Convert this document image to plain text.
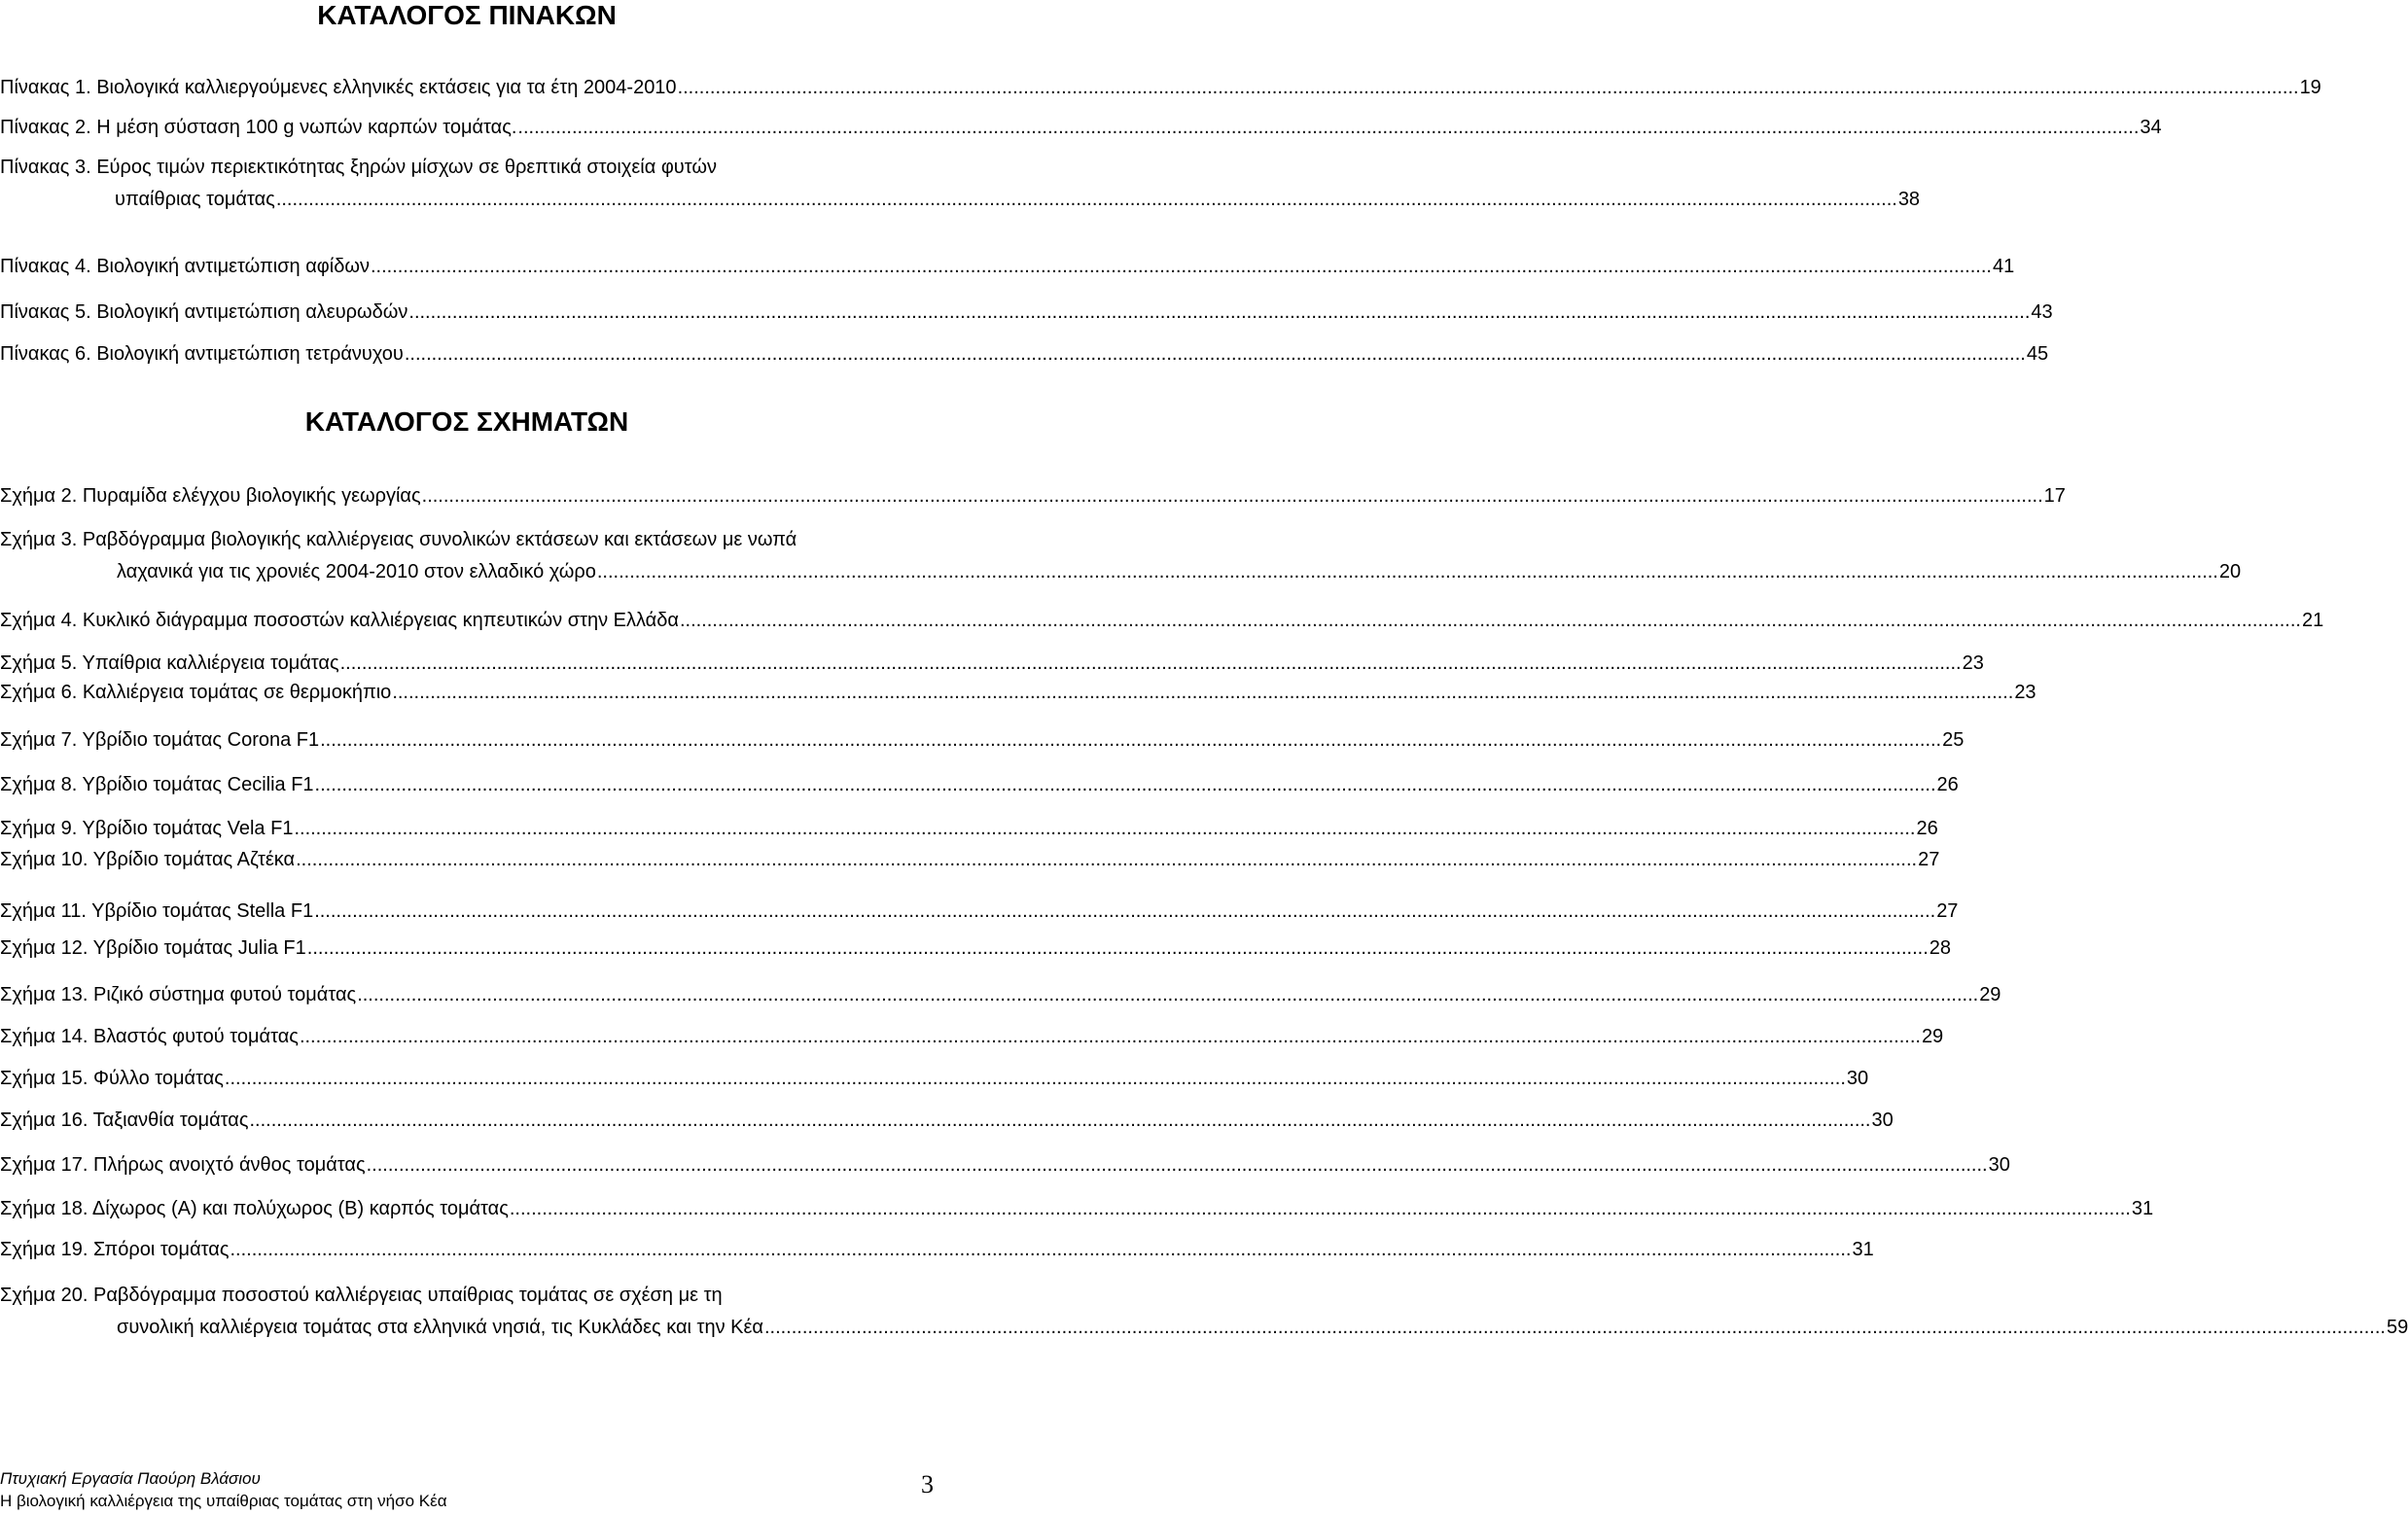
ΚΑΤΑΛΟΓΟΣ ΠΙΝΑΚΩΝ
Πίνακας 1. Βιολογικά καλλιεργούμενες ελληνικές εκτάσεις για τα έτη 2004-2010 ............................................................................................................................................................................................................................................................................................................ 19
Πίνακας 2. Η μέση σύσταση 100 g νωπών καρπών τομάτας. ............................................................................................................................................................................................................................................................................................................ 34
Πίνακας 3. Εύρος τιμών περιεκτικότητας ξηρών μίσχων σε θρεπτικά στοιχεία φυτών
υπαίθριας τομάτας ............................................................................................................................................................................................................................................................................................................ 38
Πίνακας 4. Βιολογική αντιμετώπιση αφίδων ............................................................................................................................................................................................................................................................................................................ 41
Πίνακας 5. Βιολογική αντιμετώπιση αλευρωδών ............................................................................................................................................................................................................................................................................................................ 43
Πίνακας 6. Βιολογική αντιμετώπιση τετράνυχου ............................................................................................................................................................................................................................................................................................................ 45
ΚΑΤΑΛΟΓΟΣ ΣΧΗΜΑΤΩΝ
Σχήμα 2. Πυραμίδα ελέγχου βιολογικής γεωργίας ............................................................................................................................................................................................................................................................................................................ 17
Σχήμα 3. Ραβδόγραμμα βιολογικής καλλιέργειας συνολικών εκτάσεων και εκτάσεων με νωπά
λαχανικά για τις χρονιές 2004-2010 στον ελλαδικό χώρο ............................................................................................................................................................................................................................................................................................................ 20
Σχήμα 4. Κυκλικό διάγραμμα ποσοστών καλλιέργειας κηπευτικών στην Ελλάδα ............................................................................................................................................................................................................................................................................................................ 21
Σχήμα 5. Υπαίθρια καλλιέργεια τομάτας ............................................................................................................................................................................................................................................................................................................ 23
Σχήμα 6. Καλλιέργεια τομάτας σε θερμοκήπιο ............................................................................................................................................................................................................................................................................................................ 23
Σχήμα 7. Υβρίδιο τομάτας Corona F1 ............................................................................................................................................................................................................................................................................................................ 25
Σχήμα 8. Υβρίδιο τομάτας Cecilia F1 ............................................................................................................................................................................................................................................................................................................ 26
Σχήμα 9. Υβρίδιο τομάτας Vela F1 ............................................................................................................................................................................................................................................................................................................ 26
Σχήμα 10. Υβρίδιο τομάτας Αζτέκα ............................................................................................................................................................................................................................................................................................................ 27
Σχήμα 11. Υβρίδιο τομάτας Stella F1 ............................................................................................................................................................................................................................................................................................................ 27
Σχήμα 12. Υβρίδιο τομάτας Julia F1 ............................................................................................................................................................................................................................................................................................................ 28
Σχήμα 13. Ριζικό σύστημα φυτού τομάτας ............................................................................................................................................................................................................................................................................................................ 29
Σχήμα 14. Βλαστός φυτού τομάτας ............................................................................................................................................................................................................................................................................................................ 29
Σχήμα 15. Φύλλο τομάτας ............................................................................................................................................................................................................................................................................................................ 30
Σχήμα 16. Ταξιανθία τομάτας ............................................................................................................................................................................................................................................................................................................ 30
Σχήμα 17. Πλήρως ανοιχτό άνθος τομάτας ............................................................................................................................................................................................................................................................................................................ 30
Σχήμα 18. Δίχωρος (Α) και πολύχωρος (Β) καρπός τομάτας ............................................................................................................................................................................................................................................................................................................ 31
Σχήμα 19. Σπόροι τομάτας ............................................................................................................................................................................................................................................................................................................ 31
Σχήμα 20. Ραβδόγραμμα ποσοστού καλλιέργειας υπαίθριας τομάτας σε σχέση με τη
συνολική καλλιέργεια τομάτας στα ελληνικά νησιά, τις Κυκλάδες και την Κέα ............................................................................................................................................................................................................................................................................................................ 59
Πτυχιακή Εργασία Παούρη Βλάσιου
Η βιολογική καλλιέργεια της υπαίθριας τομάτας στη νήσο Κέα
3
